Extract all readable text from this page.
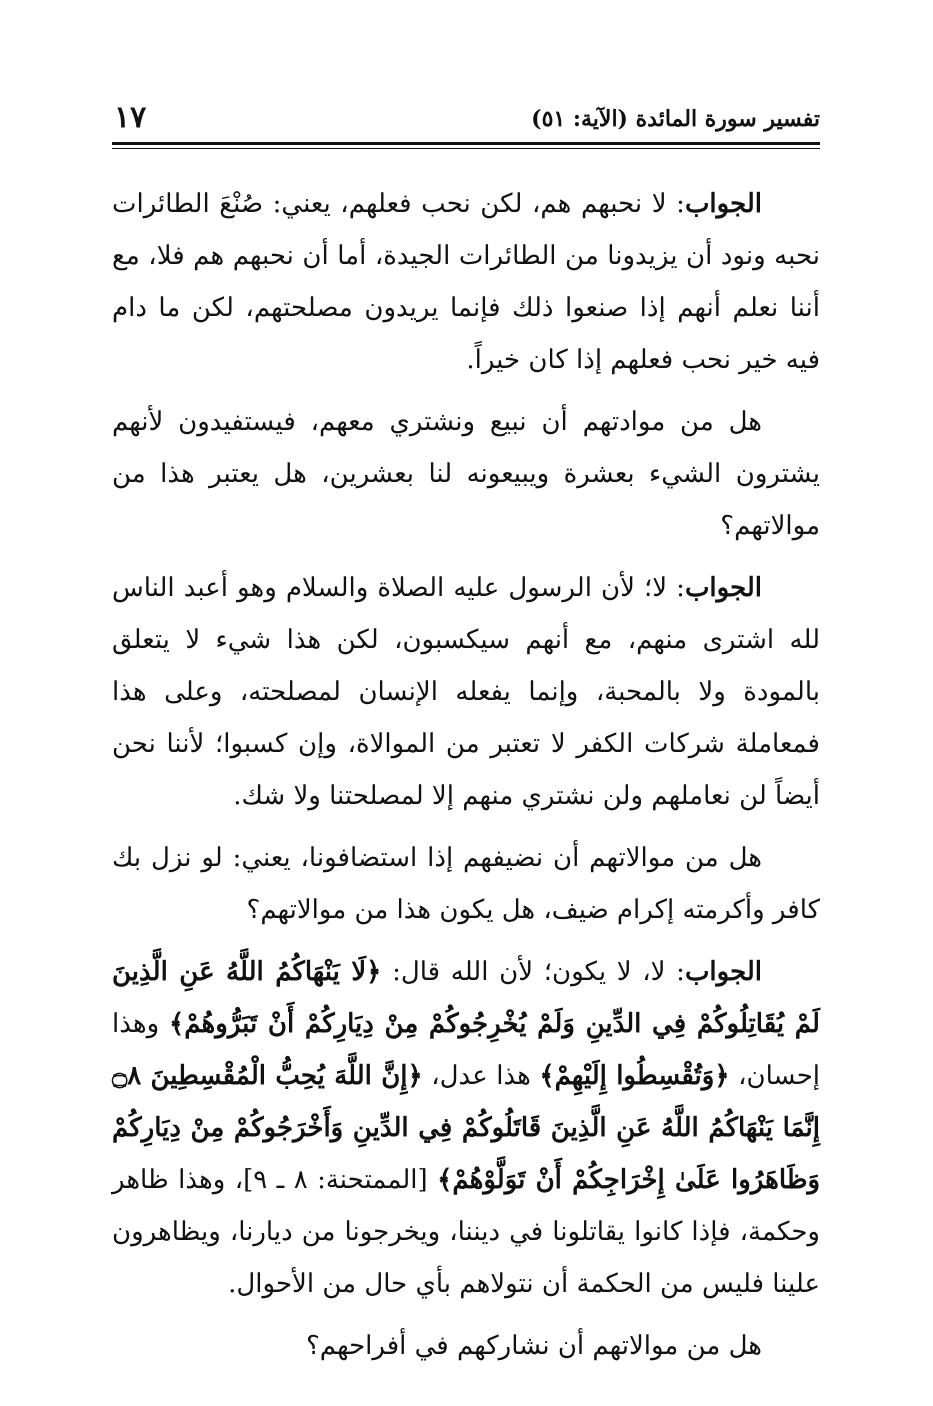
تفسير سورة المائدة (الآية: ٥١)
١٧

الجواب: لا نحبهم هم، لكن نحب فعلهم، يعني: صُنْعَ الطائرات نحبه ونود أن يزيدونا من الطائرات الجيدة، أما أن نحبهم هم فلا، مع أننا نعلم أنهم إذا صنعوا ذلك فإنما يريدون مصلحتهم، لكن ما دام فيه خير نحب فعلهم إذا كان خيراً.

هل من موادتهم أن نبيع ونشتري معهم، فيستفيدون لأنهم يشترون الشيء بعشرة ويبيعونه لنا بعشرين، هل يعتبر هذا من موالاتهم؟

الجواب: لا؛ لأن الرسول عليه الصلاة والسلام وهو أعبد الناس لله اشترى منهم، مع أنهم سيكسبون، لكن هذا شيء لا يتعلق بالمودة ولا بالمحبة، وإنما يفعله الإنسان لمصلحته، وعلى هذا فمعاملة شركات الكفر لا تعتبر من الموالاة، وإن كسبوا؛ لأننا نحن أيضاً لن نعاملهم ولن نشتري منهم إلا لمصلحتنا ولا شك.

هل من موالاتهم أن نضيفهم إذا استضافونا، يعني: لو نزل بك كافر وأكرمته إكرام ضيف، هل يكون هذا من موالاتهم؟

الجواب: لا، لا يكون؛ لأن الله قال: ﴿لَا يَنْهَاكُمُ اللَّهُ عَنِ الَّذِينَ لَمْ يُقَاتِلُوكُمْ فِي الدِّينِ وَلَمْ يُخْرِجُوكُمْ مِنْ دِيَارِكُمْ أَنْ تَبَرُّوهُمْ﴾ وهذا إحسان، ﴿وَتُقْسِطُوا إِلَيْهِمْ﴾ هذا عدل، ﴿إِنَّ اللَّهَ يُحِبُّ الْمُقْسِطِينَ ۝٨ إِنَّمَا يَنْهَاكُمُ اللَّهُ عَنِ الَّذِينَ قَاتَلُوكُمْ فِي الدِّينِ وَأَخْرَجُوكُمْ مِنْ دِيَارِكُمْ وَظَاهَرُوا عَلَىٰ إِخْرَاجِكُمْ أَنْ تَوَلَّوْهُمْ﴾ [الممتحنة: ٨ ـ ٩]، وهذا ظاهر وحكمة، فإذا كانوا يقاتلونا في ديننا، ويخرجونا من ديارنا، ويظاهرون علينا فليس من الحكمة أن نتولاهم بأي حال من الأحوال.

هل من موالاتهم أن نشاركهم في أفراحهم؟
